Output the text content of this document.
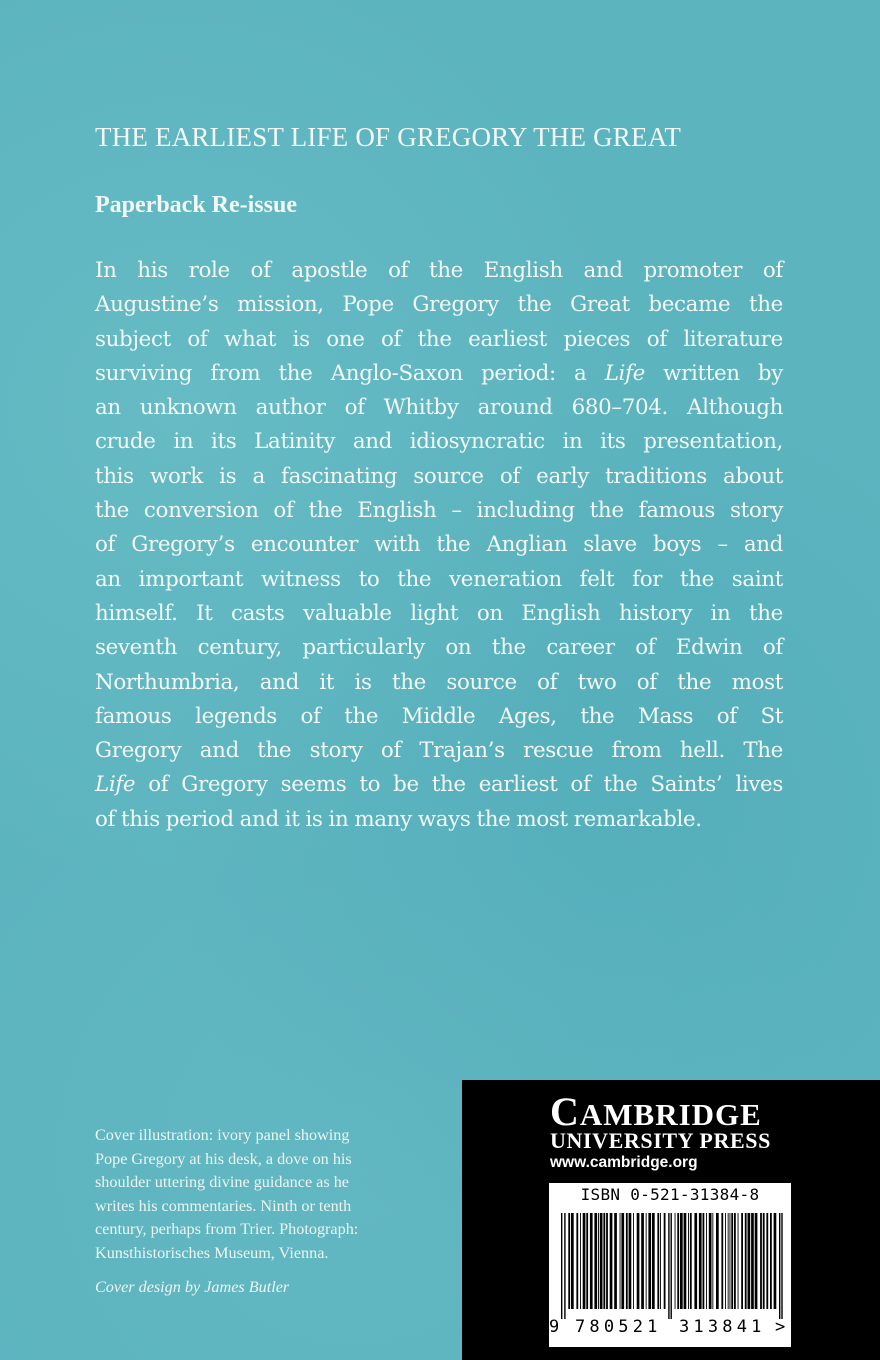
THE EARLIEST LIFE OF GREGORY THE GREAT
Paperback Re-issue
In his role of apostle of the English and promoter of
Augustine’s mission, Pope Gregory the Great became the
subject of what is one of the earliest pieces of literature
surviving from the Anglo-Saxon period: a Life written by
an unknown author of Whitby around 680–704. Although
crude in its Latinity and idiosyncratic in its presentation,
this work is a fascinating source of early traditions about
the conversion of the English – including the famous story
of Gregory’s encounter with the Anglian slave boys – and
an important witness to the veneration felt for the saint
himself. It casts valuable light on English history in the
seventh century, particularly on the career of Edwin of
Northumbria, and it is the source of two of the most
famous legends of the Middle Ages, the Mass of St
Gregory and the story of Trajan’s rescue from hell. The
Life of Gregory seems to be the earliest of the Saints’ lives
of this period and it is in many ways the most remarkable.
Cover illustration: ivory panel showing
Pope Gregory at his desk, a dove on his
shoulder uttering divine guidance as he
writes his commentaries. Ninth or tenth
century, perhaps from Trier. Photograph:
Kunsthistorisches Museum, Vienna.
Cover design by James Butler
CAMBRIDGE
UNIVERSITY PRESS
www.cambridge.org
ISBN 0-521-31384-8
9 780521 313841 >
